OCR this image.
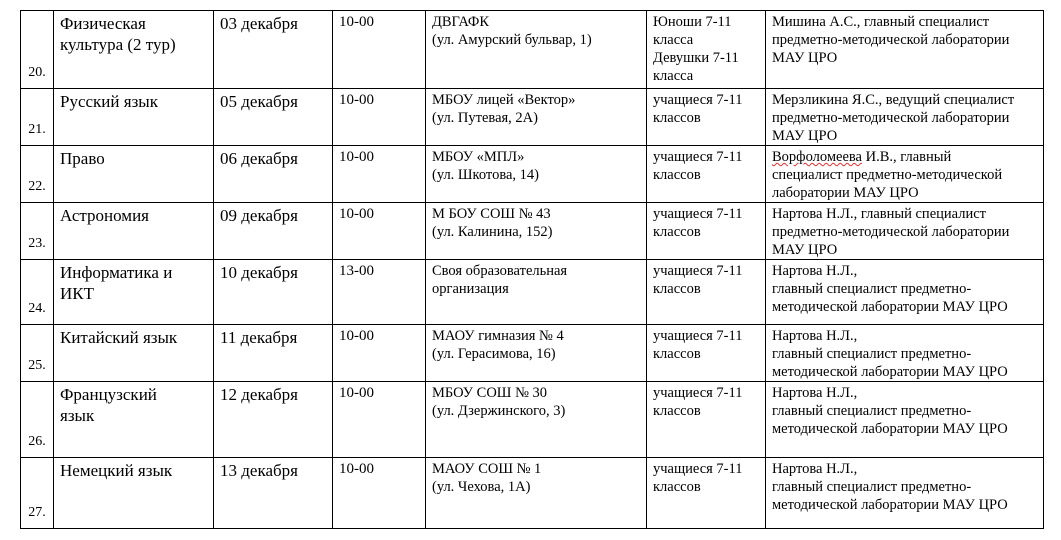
20.	Физическая
культура (2 тур)	03 декабря	10-00	ДВГАФК
(ул. Амурский бульвар, 1)	Юноши 7-11
класса
Девушки 7-11
класса	Мишина А.С., главный специалист
предметно-методической лаборатории
МАУ ЦРО

21.	Русский язык	05 декабря	10-00	МБОУ лицей «Вектор»
(ул. Путевая, 2А)	учащиеся 7-11
классов	Мерзликина Я.С., ведущий специалист
предметно-методической лаборатории
МАУ ЦРО

22.	Право	06 декабря	10-00	МБОУ «МПЛ»
(ул. Шкотова, 14)	учащиеся 7-11
классов	Ворфоломеева И.В., главный
специалист предметно-методической
лаборатории МАУ ЦРО

23.	Астрономия	09 декабря	10-00	М БОУ СОШ № 43
(ул. Калинина, 152)	учащиеся 7-11
классов	Нартова Н.Л., главный специалист
предметно-методической лаборатории
МАУ ЦРО

24.	Информатика и
ИКТ	10 декабря	13-00	Своя образовательная
организация	учащиеся 7-11
классов	Нартова Н.Л.,
главный специалист предметно-
методической лаборатории МАУ ЦРО

25.	Китайский язык	11 декабря	10-00	МАОУ гимназия № 4
(ул. Герасимова, 16)	учащиеся 7-11
классов	Нартова Н.Л.,
главный специалист предметно-
методической лаборатории МАУ ЦРО

26.	Французский
язык	12 декабря	10-00	МБОУ СОШ № 30
(ул. Дзержинского, 3)	учащиеся 7-11
классов	Нартова Н.Л.,
главный специалист предметно-
методической лаборатории МАУ ЦРО

27.	Немецкий язык	13 декабря	10-00	МАОУ СОШ № 1
(ул. Чехова, 1А)	учащиеся 7-11
классов	Нартова Н.Л.,
главный специалист предметно-
методической лаборатории МАУ ЦРО
